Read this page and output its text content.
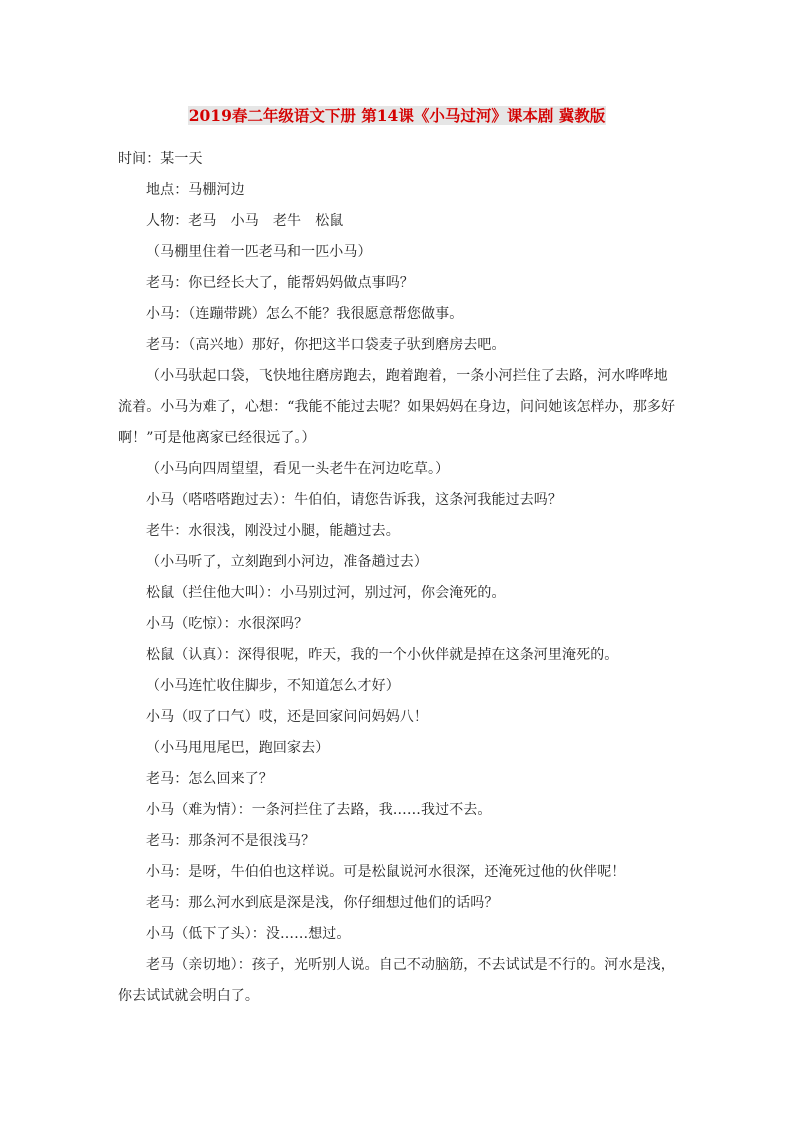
2019春二年级语文下册 第14课《小马过河》课本剧 冀教版

时间：某一天

地点：马棚河边

人物：老马　小马　老牛　松鼠

（马棚里住着一匹老马和一匹小马）

老马：你已经长大了，能帮妈妈做点事吗？

小马：（连蹦带跳）怎么不能？我很愿意帮您做事。

老马：（高兴地）那好，你把这半口袋麦子驮到磨房去吧。

（小马驮起口袋，飞快地往磨房跑去，跑着跑着，一条小河拦住了去路，河水哗哗地流着。小马为难了，心想：“我能不能过去呢？如果妈妈在身边，问问她该怎样办，那多好啊！”可是他离家已经很远了。）

（小马向四周望望，看见一头老牛在河边吃草。）

小马（嗒嗒嗒跑过去）：牛伯伯，请您告诉我，这条河我能过去吗？

老牛：水很浅，刚没过小腿，能趟过去。

（小马听了，立刻跑到小河边，准备趟过去）

松鼠（拦住他大叫）：小马别过河，别过河，你会淹死的。

小马（吃惊）：水很深吗？

松鼠（认真）：深得很呢，昨天，我的一个小伙伴就是掉在这条河里淹死的。

（小马连忙收住脚步，不知道怎么才好）

小马（叹了口气）哎，还是回家问问妈妈八！

（小马甩甩尾巴，跑回家去）

老马：怎么回来了？

小马（难为情）：一条河拦住了去路，我……我过不去。

老马：那条河不是很浅马？

小马：是呀，牛伯伯也这样说。可是松鼠说河水很深，还淹死过他的伙伴呢！

老马：那么河水到底是深是浅，你仔细想过他们的话吗？

小马（低下了头）：没……想过。

老马（亲切地）：孩子，光听别人说。自己不动脑筋，不去试试是不行的。河水是浅，你去试试就会明白了。
